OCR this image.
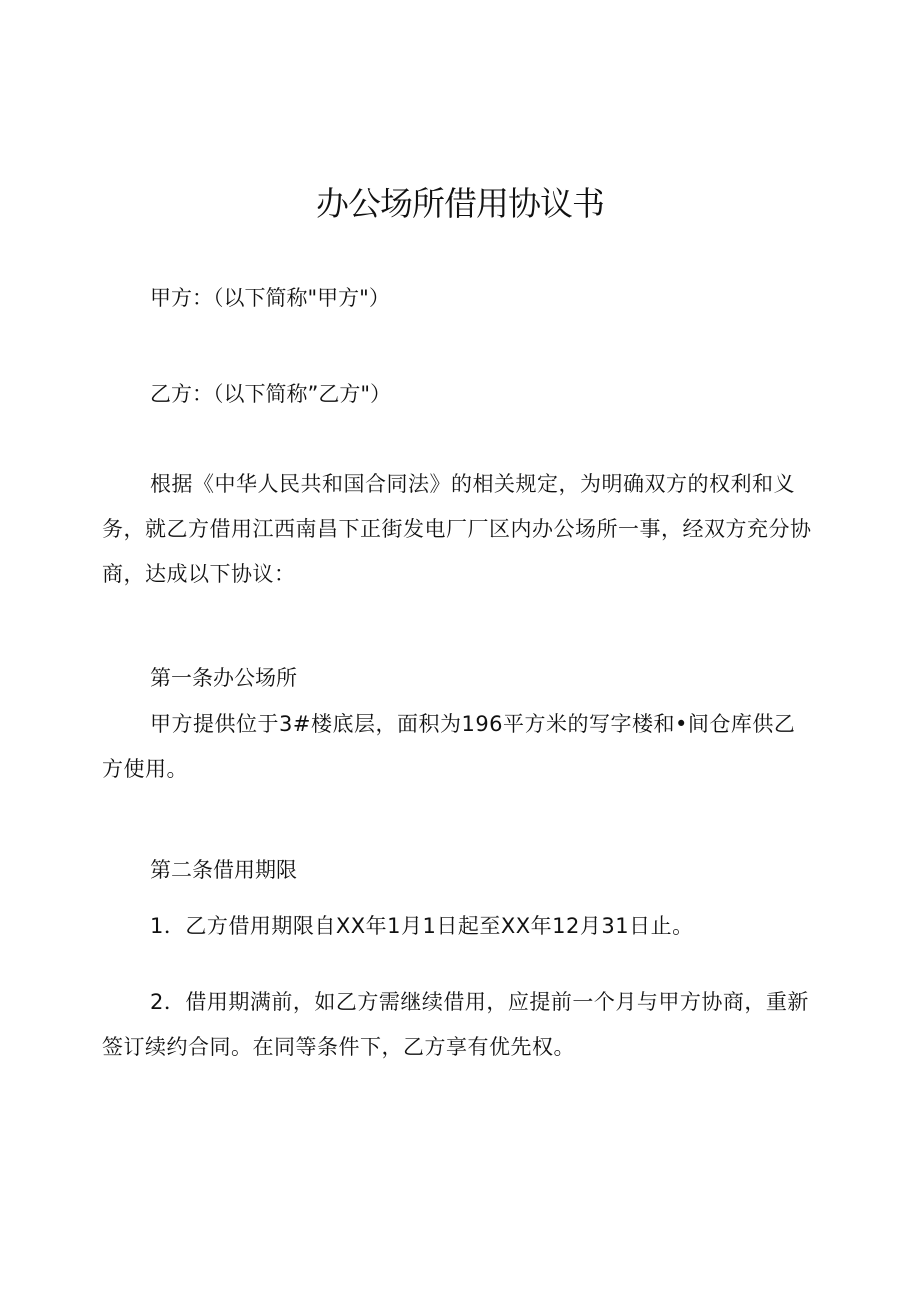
办公场所借用协议书

甲方：（以下简称"甲方"）

乙方：（以下简称”乙方"）

根据《中华人民共和国合同法》的相关规定，为明确双方的权利和义务，就乙方借用江西南昌下正街发电厂厂区内办公场所一事，经双方充分协商，达成以下协议：

第一条办公场所

甲方提供位于3#楼底层，面积为196平方米的写字楼和•间仓库供乙方使用。

第二条借用期限

1．乙方借用期限自XX年1月1日起至XX年12月31日止。

2．借用期满前，如乙方需继续借用，应提前一个月与甲方协商，重新签订续约合同。在同等条件下，乙方享有优先权。
